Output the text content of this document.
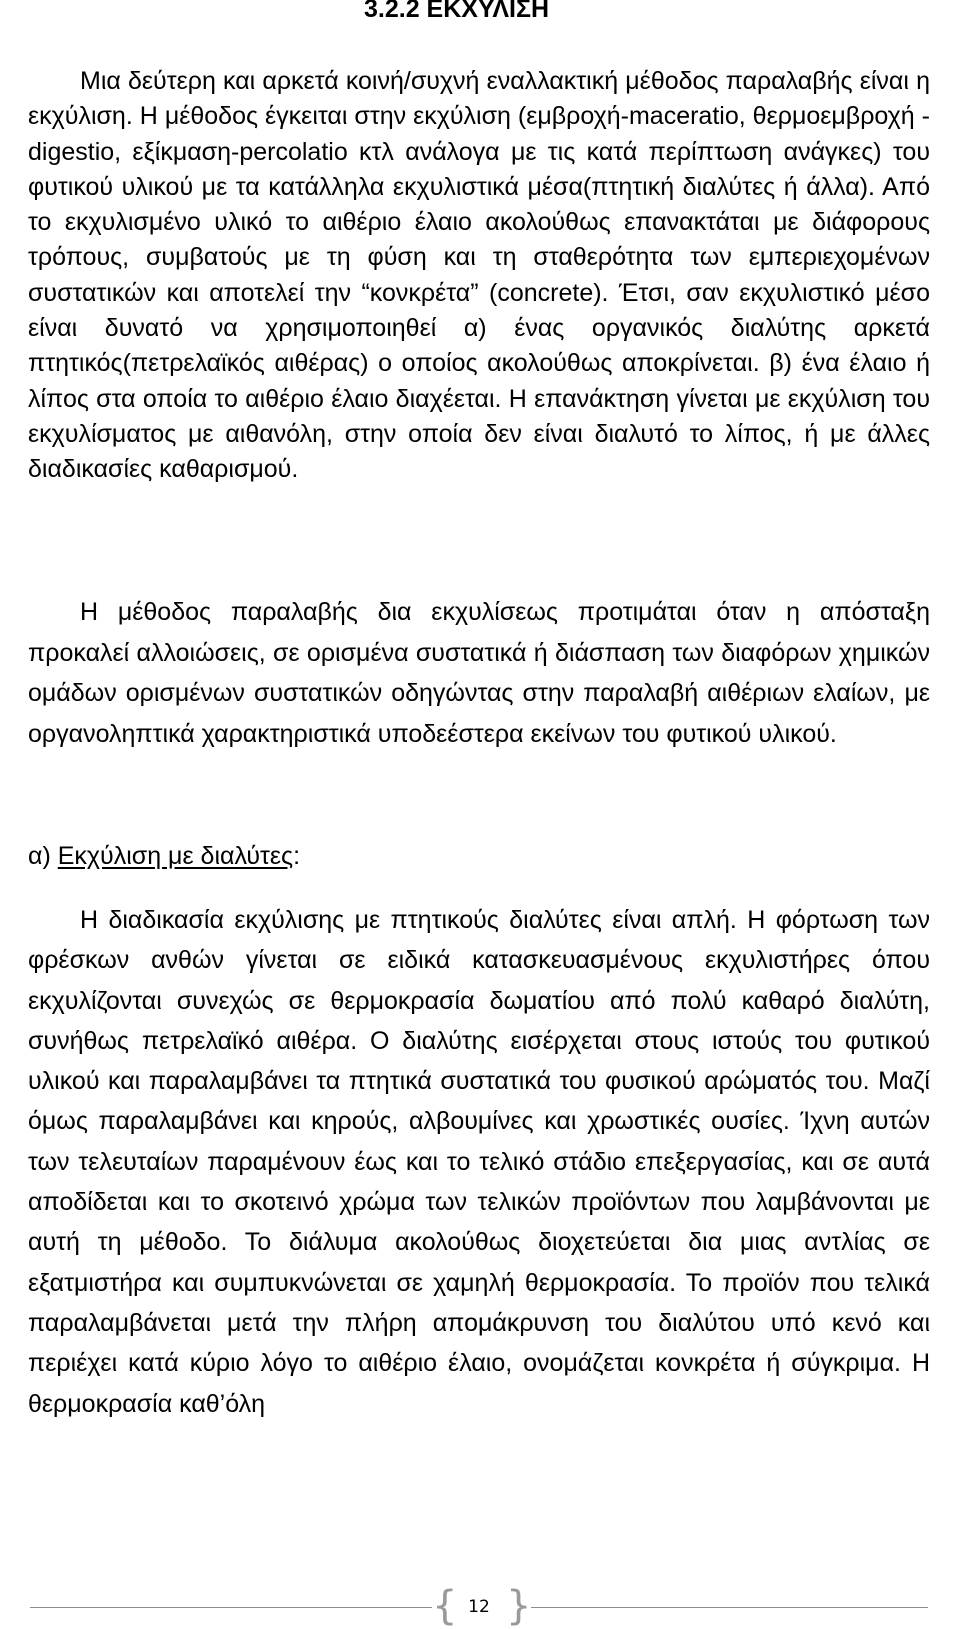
3.2.2 ΕΚΧΥΛΙΣΗ

Μια δεύτερη και αρκετά κοινή/συχνή εναλλακτική μέθοδος παραλαβής είναι η εκχύλιση. Η μέθοδος έγκειται στην εκχύλιση (εμβροχή-maceratio, θερμοεμβροχή - digestio, εξίκμαση-percolatio κτλ ανάλογα με τις κατά περίπτωση ανάγκες) του φυτικού υλικού με τα κατάλληλα εκχυλιστικά μέσα(πτητική διαλύτες ή άλλα). Από το εκχυλισμένο υλικό το αιθέριο έλαιο ακολούθως επανακτάται με διάφορους τρόπους, συμβατούς με τη φύση και τη σταθερότητα των εμπεριεχομένων συστατικών και αποτελεί την “κονκρέτα” (concrete). Έτσι, σαν εκχυλιστικό μέσο είναι δυνατό να χρησιμοποιηθεί α) ένας οργανικός διαλύτης αρκετά πτητικός(πετρελαϊκός αιθέρας) ο οποίος ακολούθως αποκρίνεται. β) ένα έλαιο ή λίπος στα οποία το αιθέριο έλαιο διαχέεται. Η επανάκτηση γίνεται με εκχύλιση του εκχυλίσματος με αιθανόλη, στην οποία δεν είναι διαλυτό το λίπος, ή με άλλες διαδικασίες καθαρισμού.

Η μέθοδος παραλαβής δια εκχυλίσεως προτιμάται όταν η απόσταξη προκαλεί αλλοιώσεις, σε ορισμένα συστατικά ή διάσπαση των διαφόρων χημικών ομάδων ορισμένων συστατικών οδηγώντας στην παραλαβή αιθέριων ελαίων, με οργανοληπτικά χαρακτηριστικά υποδεέστερα εκείνων του φυτικού υλικού.

α) Εκχύλιση με διαλύτες:

Η διαδικασία εκχύλισης με πτητικούς διαλύτες είναι απλή. Η φόρτωση των φρέσκων ανθών γίνεται σε ειδικά κατασκευασμένους εκχυλιστήρες όπου εκχυλίζονται συνεχώς σε θερμοκρασία δωματίου από πολύ καθαρό διαλύτη, συνήθως πετρελαϊκό αιθέρα. Ο διαλύτης εισέρχεται στους ιστούς του φυτικού υλικού και παραλαμβάνει τα πτητικά συστατικά του φυσικού αρώματός του. Μαζί όμως παραλαμβάνει και κηρούς, αλβουμίνες και χρωστικές ουσίες. Ίχνη αυτών των τελευταίων παραμένουν έως και το τελικό στάδιο επεξεργασίας, και σε αυτά αποδίδεται και το σκοτεινό χρώμα των τελικών προϊόντων που λαμβάνονται με αυτή τη μέθοδο. Το διάλυμα ακολούθως διοχετεύεται δια μιας αντλίας σε εξατμιστήρα και συμπυκνώνεται σε χαμηλή θερμοκρασία. Το προϊόν που τελικά παραλαμβάνεται μετά την πλήρη απομάκρυνση του διαλύτου υπό κενό και περιέχει κατά κύριο λόγο το αιθέριο έλαιο, ονομάζεται κονκρέτα ή σύγκριμα. Η θερμοκρασία καθ’όλη

{ 12 }
